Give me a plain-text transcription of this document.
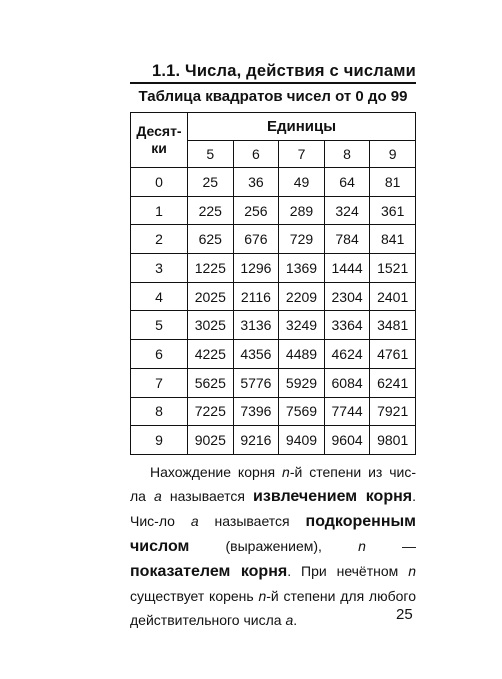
1.1. Числа, действия с числами
Таблица квадратов чисел от 0 до 99
Десят-
ки	Единицы				
	5	6	7	8	9
0	25	36	49	64	81
1	225	256	289	324	361
2	625	676	729	784	841
3	1225	1296	1369	1444	1521
4	2025	2116	2209	2304	2401
5	3025	3136	3249	3364	3481
6	4225	4356	4489	4624	4761
7	5625	5776	5929	6084	6241
8	7225	7396	7569	7744	7921
9	9025	9216	9409	9604	9801

Нахождение корня n-й степени из чис-ла а называется извлечением корня. Чис-ло а называется подкоренным числом (выражением), n — показателем корня. При нечётном n существует корень n-й степени для любого действительного числа а.	25
